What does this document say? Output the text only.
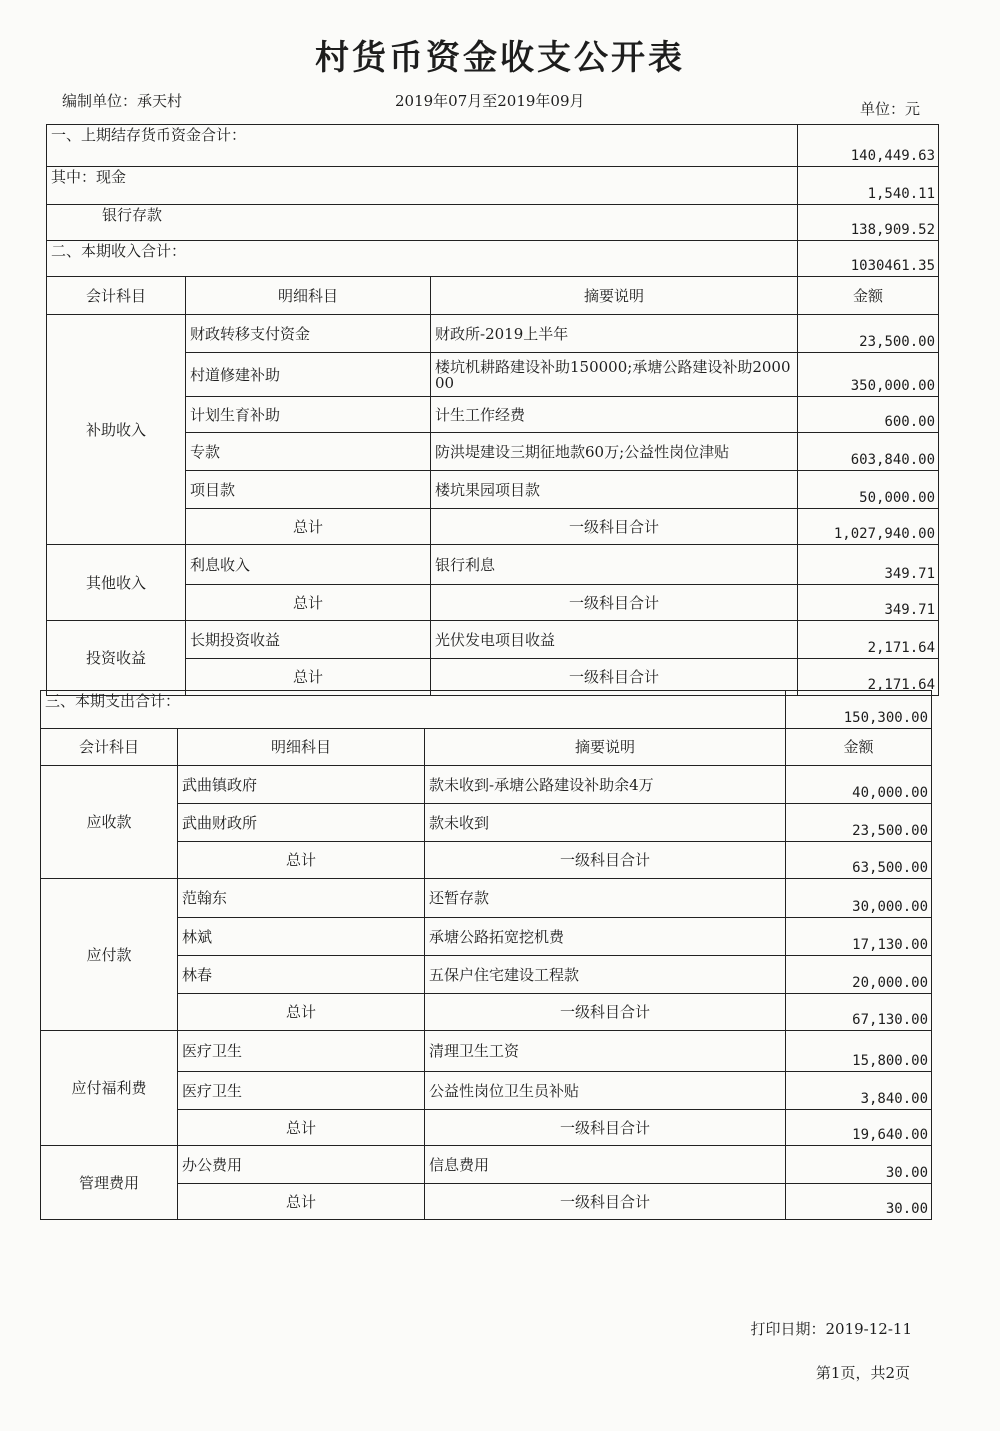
村货币资金收支公开表
编制单位：承天村	2019年07月至2019年09月	单位：元
一、上期结存货币资金合计：			140,449.63
其中：现金			1,540.11
银行存款			138,909.52
二、本期收入合计：			1030461.35
会计科目	明细科目	摘要说明	金额
补助收入	财政转移支付资金	财政所-2019上半年	23,500.00
	村道修建补助	楼坑机耕路建设补助150000;承塘公路建设补助200000	350,000.00
	计划生育补助	计生工作经费	600.00
	专款	防洪堤建设三期征地款60万;公益性岗位津贴	603,840.00
	项目款	楼坑果园项目款	50,000.00
	总计	一级科目合计	1,027,940.00
其他收入	利息收入	银行利息	349.71
	总计	一级科目合计	349.71
投资收益	长期投资收益	光伏发电项目收益	2,171.64
	总计	一级科目合计	2,171.64
三、本期支出合计：			150,300.00
会计科目	明细科目	摘要说明	金额
应收款	武曲镇政府	款未收到-承塘公路建设补助余4万	40,000.00
	武曲财政所	款未收到	23,500.00
	总计	一级科目合计	63,500.00
应付款	范翰东	还暂存款	30,000.00
	林斌	承塘公路拓宽挖机费	17,130.00
	林春	五保户住宅建设工程款	20,000.00
	总计	一级科目合计	67,130.00
应付福利费	医疗卫生	清理卫生工资	15,800.00
	医疗卫生	公益性岗位卫生员补贴	3,840.00
	总计	一级科目合计	19,640.00
管理费用	办公费用	信息费用	30.00
	总计	一级科目合计	30.00
打印日期：2019-12-11
第1页，共2页
